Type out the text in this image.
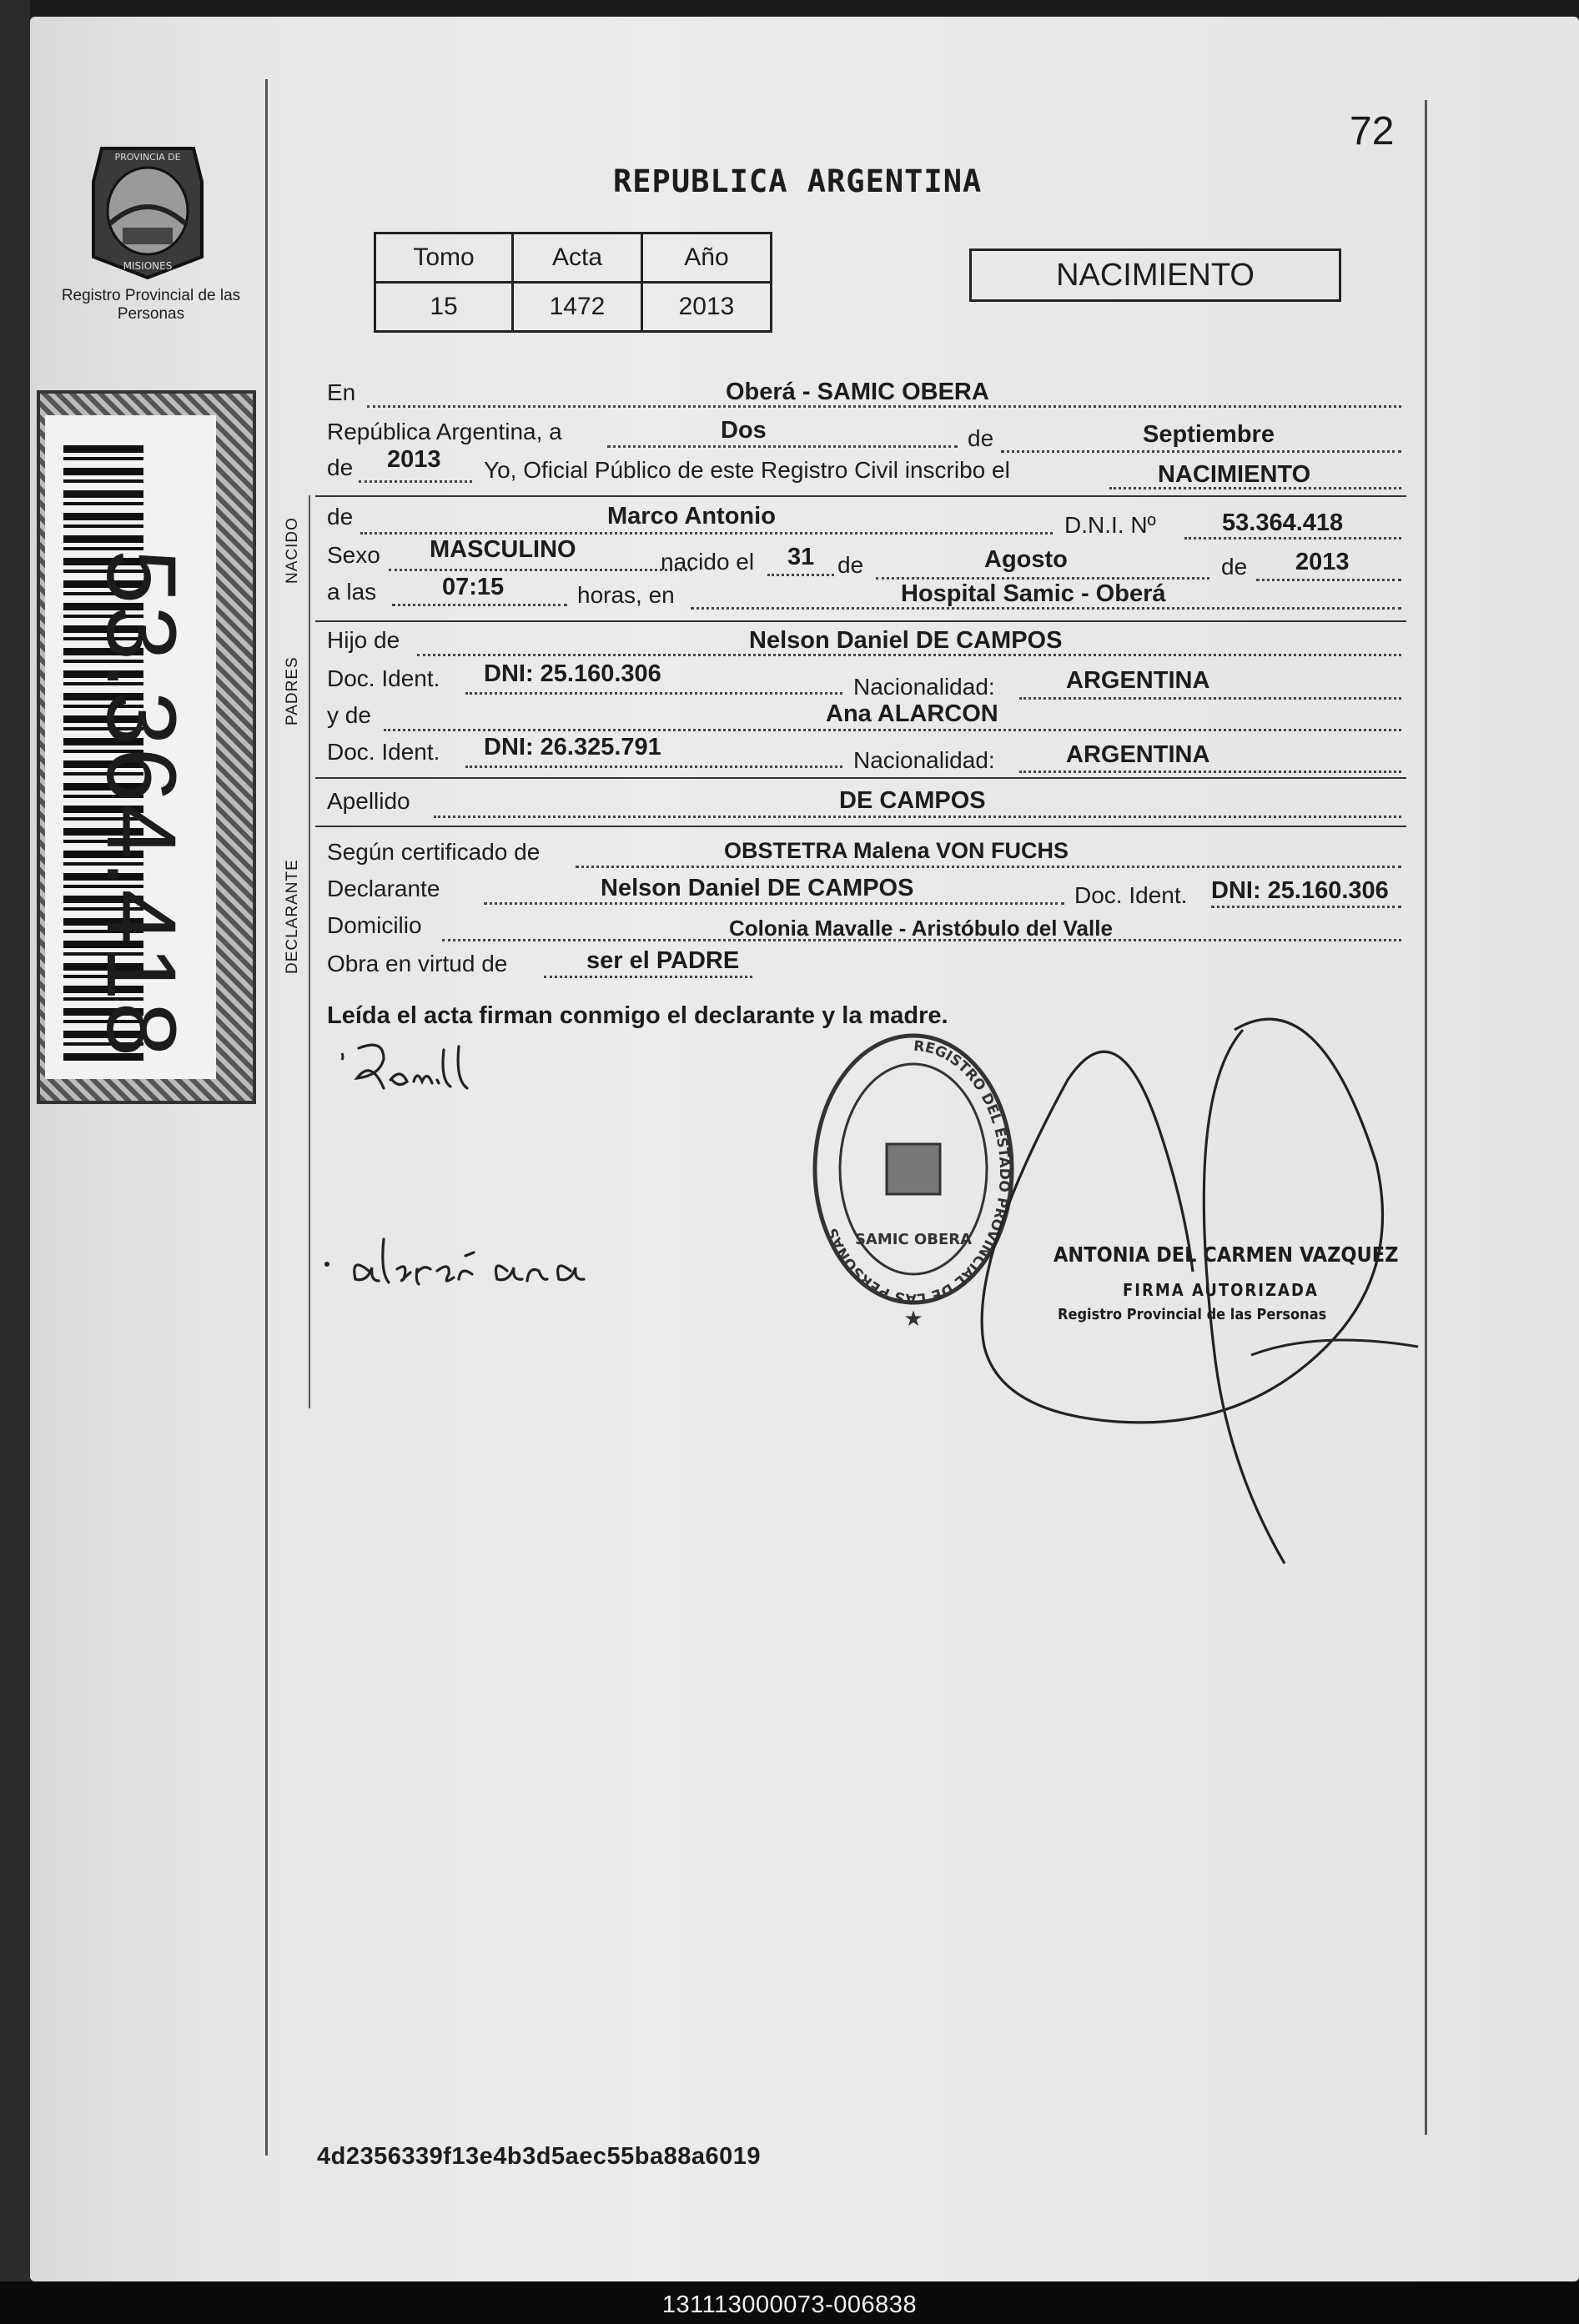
72
REPUBLICA ARGENTINA
Tomo	Acta	Año
15	1472	2013
NACIMIENTO
PROVINCIA DE
MISIONES
Registro Provincial de las Personas
53.364.418	NACIDO
PADRES
DECLARANTE
En	Oberá - SAMIC OBERA
República Argentina, a	Dos	de	Septiembre
de 2013 Yo, Oficial Público de este Registro Civil inscribo el	NACIMIENTO
de	Marco Antonio	D.N.I. Nº	53.364.418
Sexo MASCULINO	nacido el 31 de	Agosto	de 2013
a las	07:15	horas, en	Hospital Samic - Oberá
Hijo de	Nelson Daniel DE CAMPOS
Doc. Ident. DNI: 25.160.306	Nacionalidad:	ARGENTINA
y de	Ana ALARCON
Doc. Ident. DNI: 26.325.791	Nacionalidad:	ARGENTINA
Apellido	DE CAMPOS
Según certificado de	OBSTETRA Malena VON FUCHS
Declarante	Nelson Daniel DE CAMPOS	Doc. Ident. DNI: 25.160.306
Domicilio	Colonia Mavalle - Aristóbulo del Valle
Obra en virtud de	ser el PADRE
Leída el acta firman conmigo el declarante y la madre.
REGISTRO DEL ESTADO PROVINCIAL DE LAS PERSONAS SAMIC OBERA
★
ANTONIA DEL CARMEN VAZQUEZ
FIRMA AUTORIZADA
Registro Provincial de las Personas
4d2356339f13e4b3d5aec55ba88a6019
131113000073-006838
